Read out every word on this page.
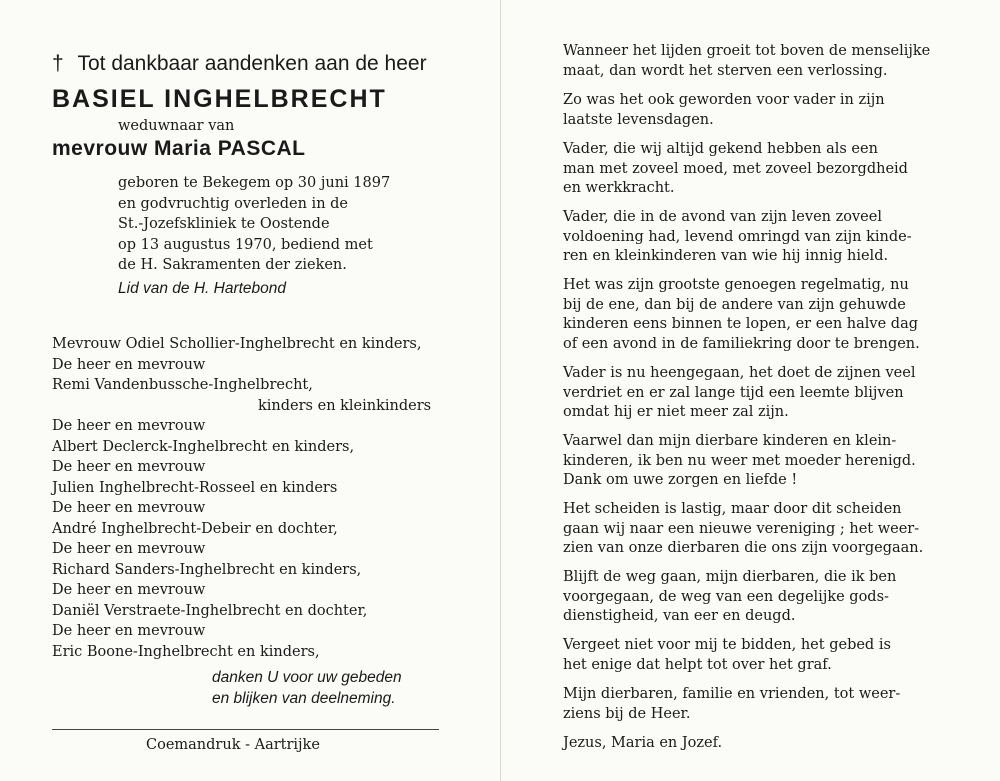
† Tot dankbaar aandenken aan de heer
BASIEL INGHELBRECHT
weduwnaar van
mevrouw Maria PASCAL
geboren te Bekegem op 30 juni 1897
en godvruchtig overleden in de
St.-Jozefskliniek te Oostende
op 13 augustus 1970, bediend met
de H. Sakramenten der zieken.
Lid van de H. Hartebond
Mevrouw Odiel Schollier-Inghelbrecht en kinders,
De heer en mevrouw
Remi Vandenbussche-Inghelbrecht,
kinders en kleinkinders
De heer en mevrouw
Albert Declerck-Inghelbrecht en kinders,
De heer en mevrouw
Julien Inghelbrecht-Rosseel en kinders
De heer en mevrouw
André Inghelbrecht-Debeir en dochter,
De heer en mevrouw
Richard Sanders-Inghelbrecht en kinders,
De heer en mevrouw
Daniël Verstraete-Inghelbrecht en dochter,
De heer en mevrouw
Eric Boone-Inghelbrecht en kinders,
danken U voor uw gebeden
en blijken van deelneming.
Coemandruk - Aartrijke
Wanneer het lijden groeit tot boven de menselijke
maat, dan wordt het sterven een verlossing.
Zo was het ook geworden voor vader in zijn
laatste levensdagen.
Vader, die wij altijd gekend hebben als een
man met zoveel moed, met zoveel bezorgdheid
en werkkracht.
Vader, die in de avond van zijn leven zoveel
voldoening had, levend omringd van zijn kinde-
ren en kleinkinderen van wie hij innig hield.
Het was zijn grootste genoegen regelmatig, nu
bij de ene, dan bij de andere van zijn gehuwde
kinderen eens binnen te lopen, er een halve dag
of een avond in de familiekring door te brengen.
Vader is nu heengegaan, het doet de zijnen veel
verdriet en er zal lange tijd een leemte blijven
omdat hij er niet meer zal zijn.
Vaarwel dan mijn dierbare kinderen en klein-
kinderen, ik ben nu weer met moeder herenigd.
Dank om uwe zorgen en liefde !
Het scheiden is lastig, maar door dit scheiden
gaan wij naar een nieuwe vereniging ; het weer-
zien van onze dierbaren die ons zijn voorgegaan.
Blijft de weg gaan, mijn dierbaren, die ik ben
voorgegaan, de weg van een degelijke gods-
dienstigheid, van eer en deugd.
Vergeet niet voor mij te bidden, het gebed is
het enige dat helpt tot over het graf.
Mijn dierbaren, familie en vrienden, tot weer-
ziens bij de Heer.
Jezus, Maria en Jozef.
